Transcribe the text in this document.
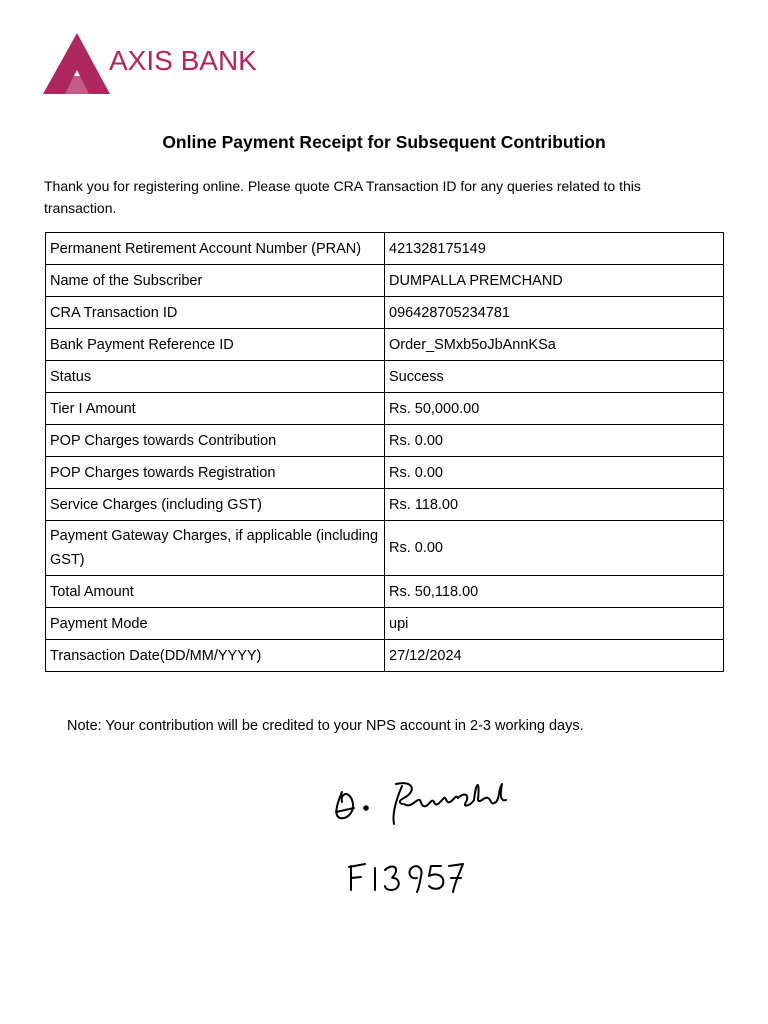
AXIS BANK
Online Payment Receipt for Subsequent Contribution
Thank you for registering online. Please quote CRA Transaction ID for any queries related to this transaction.
Permanent Retirement Account Number (PRAN)	421328175149
Name of the Subscriber	DUMPALLA PREMCHAND
CRA Transaction ID	096428705234781
Bank Payment Reference ID	Order_SMxb5oJbAnnKSa
Status	Success
Tier I Amount	Rs. 50,000.00
POP Charges towards Contribution	Rs. 0.00
POP Charges towards Registration	Rs. 0.00
Service Charges (including GST)	Rs. 118.00
Payment Gateway Charges, if applicable (including GST)	Rs. 0.00
Total Amount	Rs. 50,118.00
Payment Mode	upi
Transaction Date(DD/MM/YYYY)	27/12/2024
Note: Your contribution will be credited to your NPS account in 2-3 working days.
